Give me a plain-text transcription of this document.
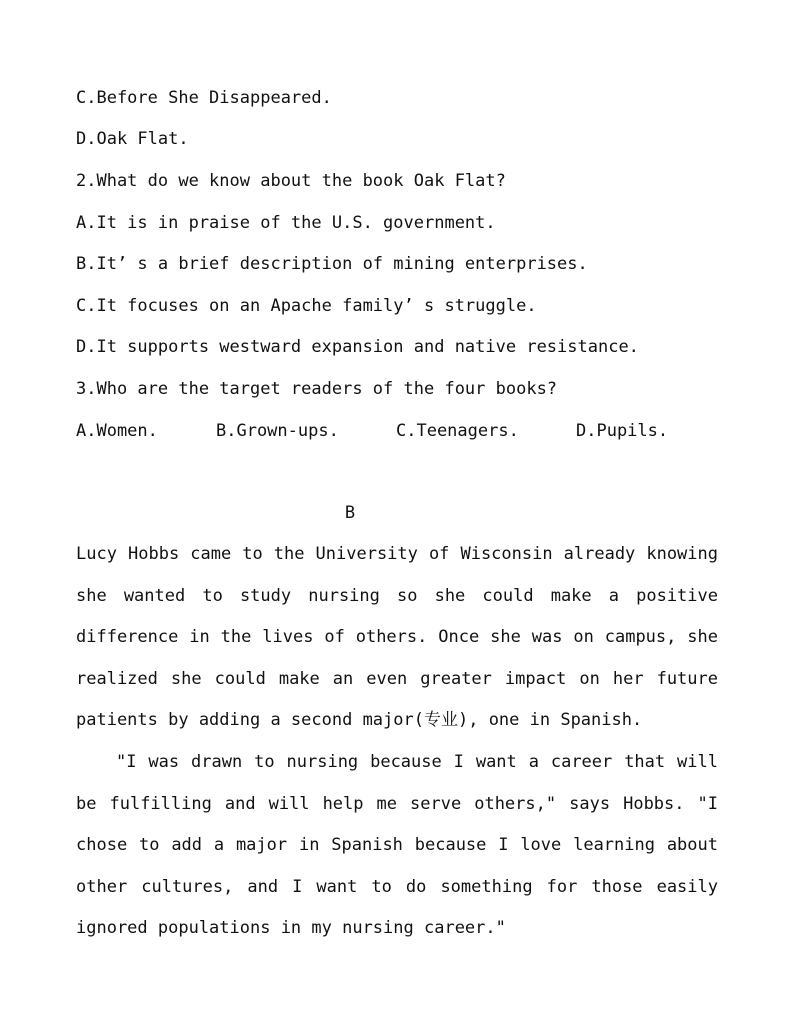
C.Before She Disappeared.
D.Oak Flat.
2.What do we know about the book Oak Flat?
A.It is in praise of the U.S. government.
B.It’ s a brief description of mining enterprises.
C.It focuses on an Apache family’ s struggle.
D.It supports westward expansion and native resistance.
3.Who are the target readers of the four books?
A.Women.	B.Grown-ups.	C.Teenagers.	D.Pupils.
B
Lucy Hobbs came to the University of Wisconsin already knowing she wanted to study nursing so she could make a positive difference in the lives of others. Once she was on campus, she realized she could make an even greater impact on her future patients by adding a second major(专业), one in Spanish.
"I was drawn to nursing because I want a career that will be fulfilling and will help me serve others," says Hobbs. "I chose to add a major in Spanish because I love learning about other cultures, and I want to do something for those easily ignored populations in my nursing career."
